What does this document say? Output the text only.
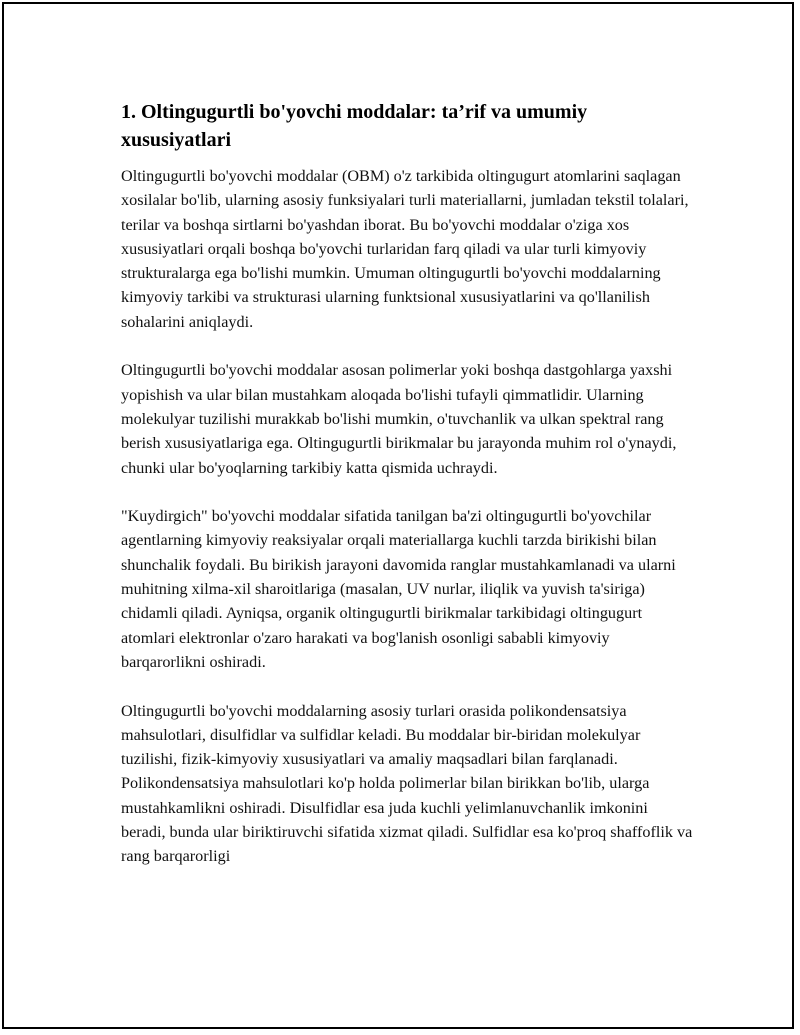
1. Oltingugurtli bo'yovchi moddalar: ta’rif va umumiy xususiyatlari

Oltingugurtli bo'yovchi moddalar (OBM) o'z tarkibida oltingugurt atomlarini saqlagan xosilalar bo'lib, ularning asosiy funksiyalari turli materiallarni, jumladan tekstil tolalari, terilar va boshqa sirtlarni bo'yashdan iborat. Bu bo'yovchi moddalar o'ziga xos xususiyatlari orqali boshqa bo'yovchi turlaridan farq qiladi va ular turli kimyoviy strukturalarga ega bo'lishi mumkin. Umuman oltingugurtli bo'yovchi moddalarning kimyoviy tarkibi va strukturasi ularning funktsional xususiyatlarini va qo'llanilish sohalarini aniqlaydi.

Oltingugurtli bo'yovchi moddalar asosan polimerlar yoki boshqa dastgohlarga yaxshi yopishish va ular bilan mustahkam aloqada bo'lishi tufayli qimmatlidir. Ularning molekulyar tuzilishi murakkab bo'lishi mumkin, o'tuvchanlik va ulkan spektral rang berish xususiyatlariga ega. Oltingugurtli birikmalar bu jarayonda muhim rol o'ynaydi, chunki ular bo'yoqlarning tarkibiy katta qismida uchraydi.

"Kuydirgich" bo'yovchi moddalar sifatida tanilgan ba'zi oltingugurtli bo'yovchilar agentlarning kimyoviy reaksiyalar orqali materiallarga kuchli tarzda birikishi bilan shunchalik foydali. Bu birikish jarayoni davomida ranglar mustahkamlanadi va ularni muhitning xilma-xil sharoitlariga (masalan, UV nurlar, iliqlik va yuvish ta'siriga) chidamli qiladi. Ayniqsa, organik oltingugurtli birikmalar tarkibidagi oltingugurt atomlari elektronlar o'zaro harakati va bog'lanish osonligi sababli kimyoviy barqarorlikni oshiradi.

Oltingugurtli bo'yovchi moddalarning asosiy turlari orasida polikondensatsiya mahsulotlari, disulfidlar va sulfidlar keladi. Bu moddalar bir-biridan molekulyar tuzilishi, fizik-kimyoviy xususiyatlari va amaliy maqsadlari bilan farqlanadi. Polikondensatsiya mahsulotlari ko'p holda polimerlar bilan birikkan bo'lib, ularga mustahkamlikni oshiradi. Disulfidlar esa juda kuchli yelimlanuvchanlik imkonini beradi, bunda ular biriktiruvchi sifatida xizmat qiladi. Sulfidlar esa ko'proq shaffoflik va rang barqarorligi
